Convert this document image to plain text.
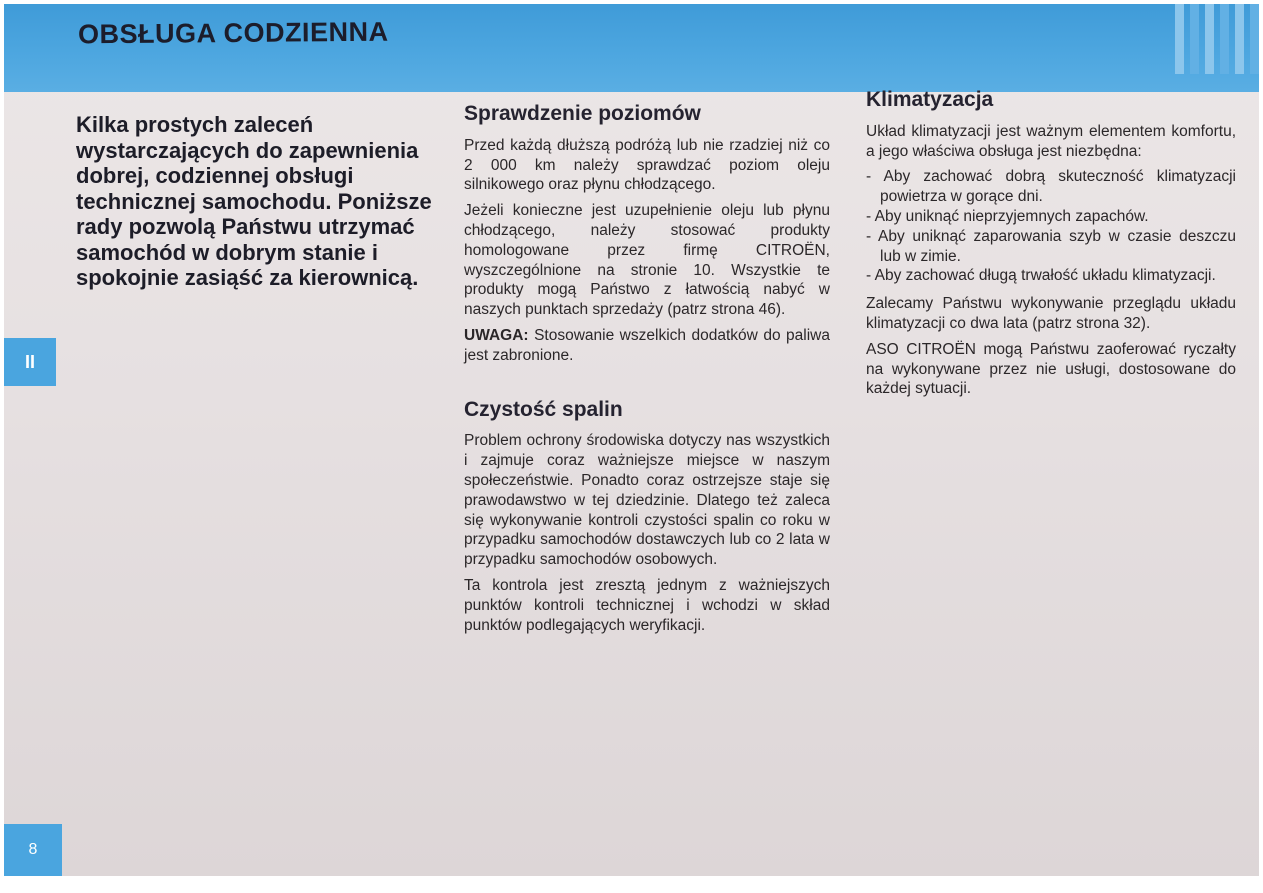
OBSŁUGA CODZIENNA
II
8
Kilka prostych zaleceń wystarczających do zapewnienia dobrej, codziennej obsługi technicznej samochodu. Poniższe rady pozwolą Państwu utrzymać samochód w dobrym stanie i spokojnie zasiąść za kierownicą.
Sprawdzenie poziomów

Przed każdą dłuższą podróżą lub nie rzadziej niż co 2 000 km należy sprawdzać poziom oleju silnikowego oraz płynu chłodzącego.

Jeżeli konieczne jest uzupełnienie oleju lub płynu chłodzącego, należy stosować produkty homologowane przez firmę CITROËN, wyszczególnione na stronie 10. Wszystkie te produkty mogą Państwo z łatwością nabyć w naszych punktach sprzedaży (patrz strona 46).

UWAGA: Stosowanie wszelkich dodatków do paliwa jest zabronione.

Czystość spalin

Problem ochrony środowiska dotyczy nas wszystkich i zajmuje coraz ważniejsze miejsce w naszym społeczeństwie. Ponadto coraz ostrzejsze staje się prawodawstwo w tej dziedzinie. Dlatego też zaleca się wykonywanie kontroli czystości spalin co roku w przypadku samochodów dostawczych lub co 2 lata w przypadku samochodów osobowych.

Ta kontrola jest zresztą jednym z ważniejszych punktów kontroli technicznej i wchodzi w skład punktów podlegających weryfikacji.

Klimatyzacja

Układ klimatyzacji jest ważnym elementem komfortu, a jego właściwa obsługa jest niezbędna:

- Aby zachować dobrą skuteczność klimatyzacji powietrza w gorące dni.
- Aby uniknąć nieprzyjemnych zapachów.
- Aby uniknąć zaparowania szyb w czasie deszczu lub w zimie.
- Aby zachować długą trwałość układu klimatyzacji.

Zalecamy Państwu wykonywanie przeglądu układu klimatyzacji co dwa lata (patrz strona 32).

ASO CITROËN mogą Państwu zaoferować ryczałty na wykonywane przez nie usługi, dostosowane do każdej sytuacji.
